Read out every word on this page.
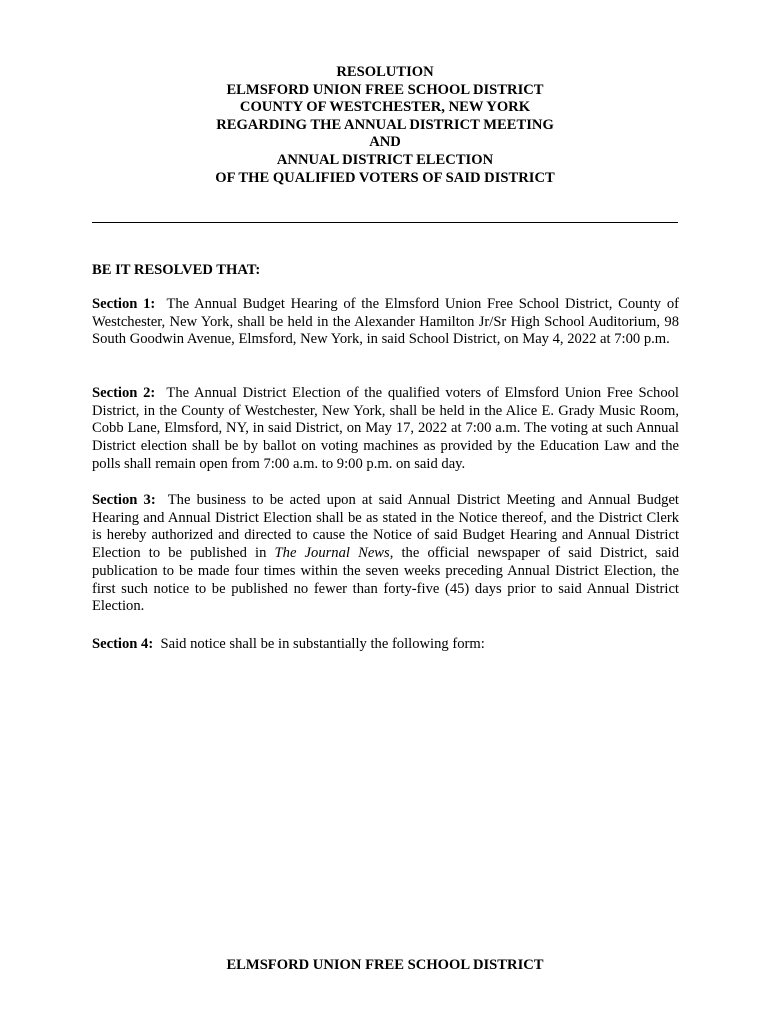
RESOLUTION
ELMSFORD UNION FREE SCHOOL DISTRICT
COUNTY OF WESTCHESTER, NEW YORK
REGARDING THE ANNUAL DISTRICT MEETING
AND
ANNUAL DISTRICT ELECTION
OF THE QUALIFIED VOTERS OF SAID DISTRICT
BE IT RESOLVED THAT:
Section 1: The Annual Budget Hearing of the Elmsford Union Free School District, County of Westchester, New York, shall be held in the Alexander Hamilton Jr/Sr High School Auditorium, 98 South Goodwin Avenue, Elmsford, New York, in said School District, on May 4, 2022 at 7:00 p.m.
Section 2: The Annual District Election of the qualified voters of Elmsford Union Free School District, in the County of Westchester, New York, shall be held in the Alice E. Grady Music Room, Cobb Lane, Elmsford, NY, in said District, on May 17, 2022 at 7:00 a.m. The voting at such Annual District election shall be by ballot on voting machines as provided by the Education Law and the polls shall remain open from 7:00 a.m. to 9:00 p.m. on said day.
Section 3: The business to be acted upon at said Annual District Meeting and Annual Budget Hearing and Annual District Election shall be as stated in the Notice thereof, and the District Clerk is hereby authorized and directed to cause the Notice of said Budget Hearing and Annual District Election to be published in The Journal News, the official newspaper of said District, said publication to be made four times within the seven weeks preceding Annual District Election, the first such notice to be published no fewer than forty-five (45) days prior to said Annual District Election.
Section 4: Said notice shall be in substantially the following form:
ELMSFORD UNION FREE SCHOOL DISTRICT
